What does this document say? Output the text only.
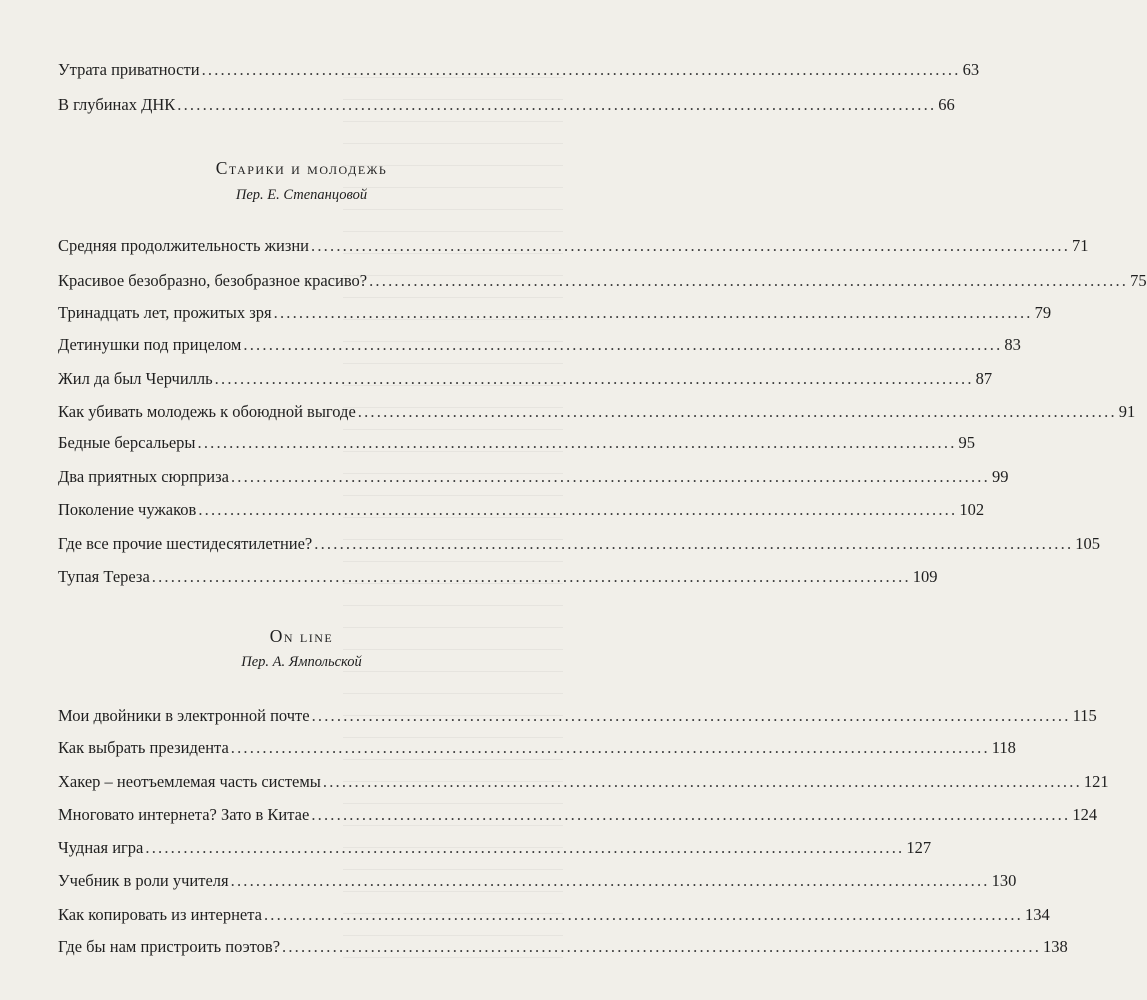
Утрата приватности ........................................................................................................................ 63
В глубинах ДНК ........................................................................................................................ 66
Старики и молодежь
Пер. Е. Степанцовой
Средняя продолжительность жизни ........................................................................................................................ 71
Красивое безобразно, безобразное красиво? ........................................................................................................................ 75
Тринадцать лет, прожитых зря ........................................................................................................................ 79
Детинушки под прицелом ........................................................................................................................ 83
Жил да был Черчилль ........................................................................................................................ 87
Как убивать молодежь к обоюдной выгоде ........................................................................................................................ 91
Бедные берсальеры ........................................................................................................................ 95
Два приятных сюрприза ........................................................................................................................ 99
Поколение чужаков ........................................................................................................................ 102
Где все прочие шестидесятилетние? ........................................................................................................................ 105
Тупая Тереза ........................................................................................................................ 109
On line
Пер. А. Ямпольской
Мои двойники в электронной почте ........................................................................................................................ 115
Как выбрать президента ........................................................................................................................ 118
Хакер – неотъемлемая часть системы ........................................................................................................................ 121
Многовато интернета? Зато в Китае ........................................................................................................................ 124
Чудная игра ........................................................................................................................ 127
Учебник в роли учителя ........................................................................................................................ 130
Как копировать из интернета ........................................................................................................................ 134
Где бы нам пристроить поэтов? ........................................................................................................................ 138
